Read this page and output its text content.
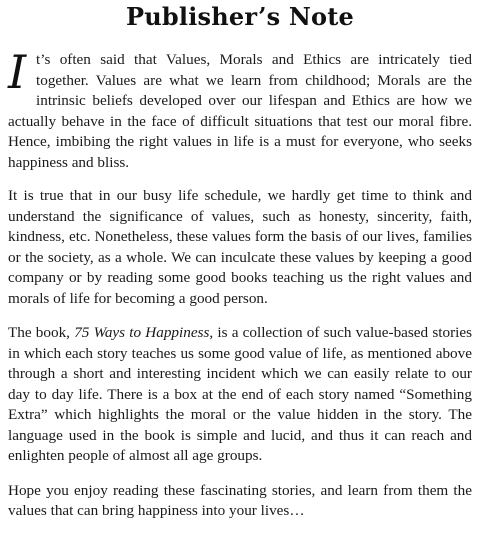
Publisher’s Note

It’s often said that Values, Morals and Ethics are intricately tied together. Values are what we learn from childhood; Morals are the intrinsic beliefs developed over our lifespan and Ethics are how we actually behave in the face of difficult situations that test our moral fibre. Hence, imbibing the right values in life is a must for everyone, who seeks happiness and bliss.

It is true that in our busy life schedule, we hardly get time to think and understand the significance of values, such as honesty, sincerity, faith, kindness, etc. Nonetheless, these values form the basis of our lives, families or the society, as a whole. We can inculcate these values by keeping a good company or by reading some good books teaching us the right values and morals of life for becoming a good person.

The book, 75 Ways to Happiness, is a collection of such value-based stories in which each story teaches us some good value of life, as mentioned above through a short and interesting incident which we can easily relate to our day to day life. There is a box at the end of each story named “Something Extra” which highlights the moral or the value hidden in the story. The language used in the book is simple and lucid, and thus it can reach and enlighten people of almost all age groups.

Hope you enjoy reading these fascinating stories, and learn from them the values that can bring happiness into your lives…
